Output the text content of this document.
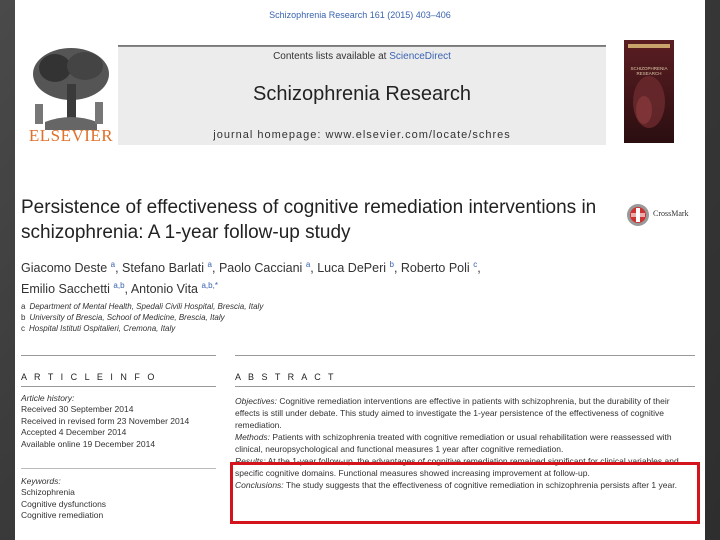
Schizophrenia Research 161 (2015) 403–406
ELSEVIER
Contents lists available at ScienceDirect
Schizophrenia Research
journal homepage: www.elsevier.com/locate/schres
SCHIZOPHRENIA RESEARCH
Persistence of effectiveness of cognitive remediation interventions in
schizophrenia: A 1-year follow-up study
CrossMark
Giacomo Deste $^a$, Stefano Barlati $^a$, Paolo Cacciani $^a$, Luca DePeri $^b$, Roberto Poli $^c$,
Emilio Sacchetti $^{a,b}$, Antonio Vita $^{a,b,*}$
a Department of Mental Health, Spedali Civili Hospital, Brescia, Italy
b University of Brescia, School of Medicine, Brescia, Italy
c Hospital Istituti Ospitalieri, Cremona, Italy
A R T I C L E I N F O	A B S T R A C T
Article history:
Received 30 September 2014
Received in revised form 23 November 2014
Accepted 4 December 2014
Available online 19 December 2014
Keywords:
Schizophrenia
Cognitive dysfunctions
Cognitive remediation

Objectives: Cognitive remediation interventions are effective in patients with schizophrenia, but the durability of their effects is still under debate. This study aimed to investigate the 1-year persistence of the effectiveness of cognitive remediation.

Methods: Patients with schizophrenia treated with cognitive remediation or usual rehabilitation were reassessed with clinical, neuropsychological and functional measures 1 year after cognitive remediation.

Results: At the 1-year follow-up, the advantages of cognitive remediation remained significant for clinical variables and specific cognitive domains. Functional measures showed increasing improvement at follow-up.

Conclusions: The study suggests that the effectiveness of cognitive remediation in schizophrenia persists after 1 year.
